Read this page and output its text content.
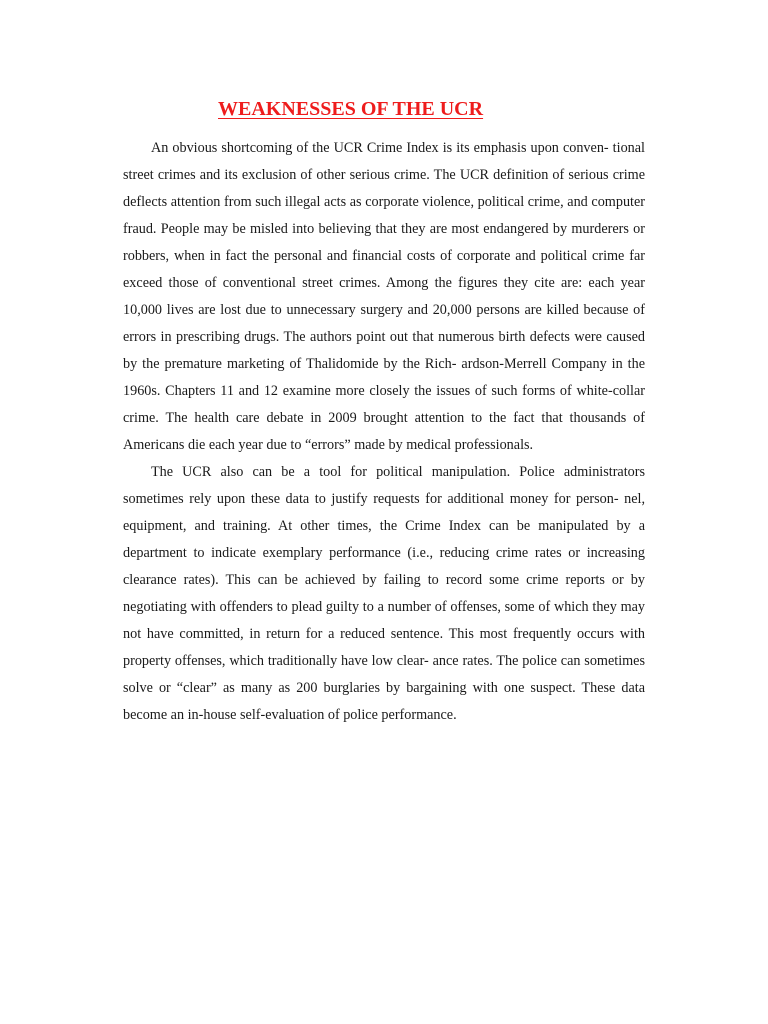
WEAKNESSES OF THE UCR

An obvious shortcoming of the UCR Crime Index is its emphasis upon conven- tional street crimes and its exclusion of other serious crime. The UCR definition of serious crime deflects attention from such illegal acts as corporate violence, political crime, and computer fraud. People may be misled into believing that they are most endangered by murderers or robbers, when in fact the personal and financial costs of corporate and political crime far exceed those of conventional street crimes. Among the figures they cite are: each year 10,000 lives are lost due to unnecessary surgery and 20,000 persons are killed because of errors in prescribing drugs. The authors point out that numerous birth defects were caused by the premature marketing of Thalidomide by the Rich- ardson-Merrell Company in the 1960s. Chapters 11 and 12 examine more closely the issues of such forms of white-collar crime. The health care debate in 2009 brought attention to the fact that thousands of Americans die each year due to “errors” made by medical professionals.

The UCR also can be a tool for political manipulation. Police administrators sometimes rely upon these data to justify requests for additional money for person- nel, equipment, and training. At other times, the Crime Index can be manipulated by a department to indicate exemplary performance (i.e., reducing crime rates or increasing clearance rates). This can be achieved by failing to record some crime reports or by negotiating with offenders to plead guilty to a number of offenses, some of which they may not have committed, in return for a reduced sentence. This most frequently occurs with property offenses, which traditionally have low clear- ance rates. The police can sometimes solve or “clear” as many as 200 burglaries by bargaining with one suspect. These data become an in-house self-evaluation of police performance.
